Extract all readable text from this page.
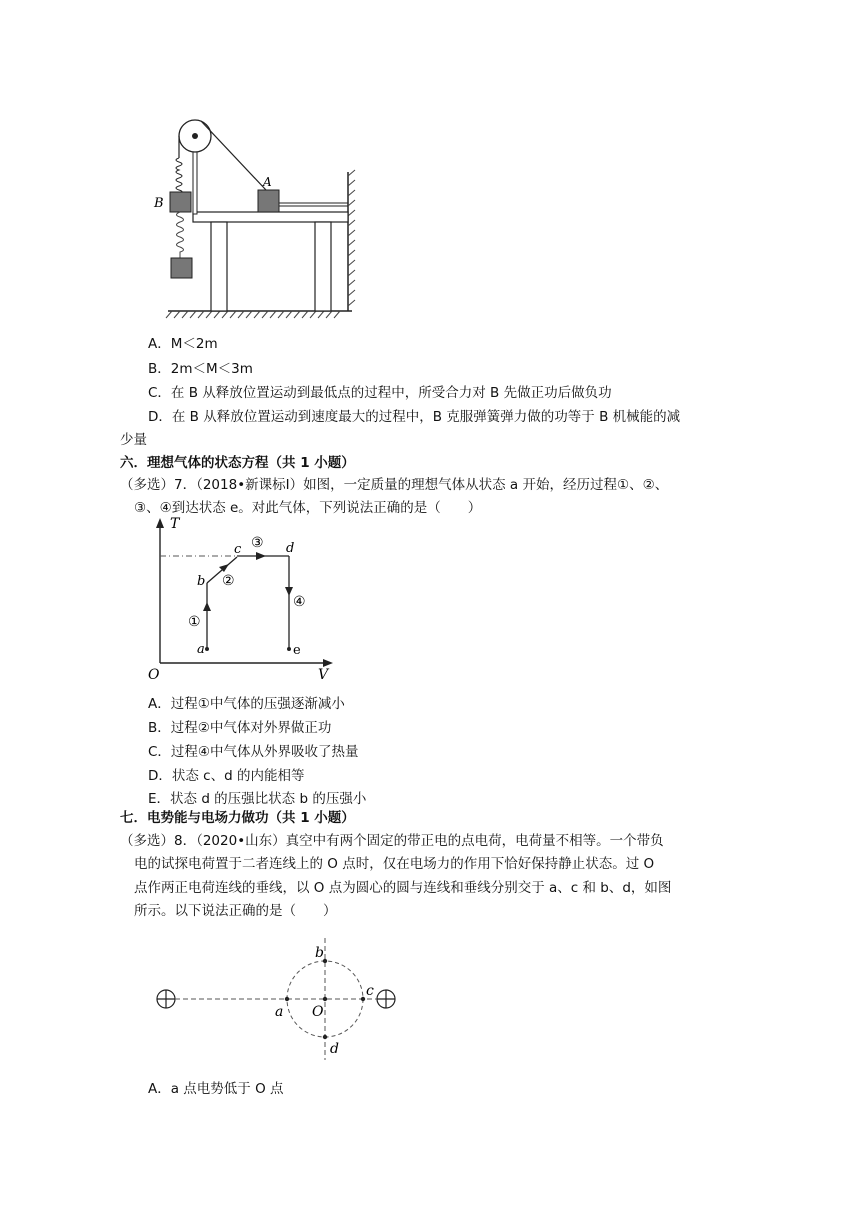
A
B
A．M＜2m
B．2m＜M＜3m
C．在 B 从释放位置运动到最低点的过程中，所受合力对 B 先做正功后做负功
D．在 B 从释放位置运动到速度最大的过程中，B 克服弹簧弹力做的功等于 B 机械能的减
少量
六．理想气体的状态方程（共 1 小题）
（多选）7．（2018•新课标Ⅰ）如图，一定质量的理想气体从状态 a 开始，经历过程①、②、
③、④到达状态 e。对此气体，下列说法正确的是（　　）
T
V
O
a
b
c	d
e
①
②
③
④
A．过程①中气体的压强逐渐减小
B．过程②中气体对外界做正功
C．过程④中气体从外界吸收了热量
D．状态 c、d 的内能相等
E．状态 d 的压强比状态 b 的压强小
七．电势能与电场力做功（共 1 小题）
（多选）8．（2020•山东）真空中有两个固定的带正电的点电荷，电荷量不相等。一个带负
电的试探电荷置于二者连线上的 O 点时，仅在电场力的作用下恰好保持静止状态。过 O
点作两正电荷连线的垂线，以 O 点为圆心的圆与连线和垂线分别交于 a、c 和 b、d，如图
所示。以下说法正确的是（　　）
a
b
c
d
O
A．a 点电势低于 O 点
